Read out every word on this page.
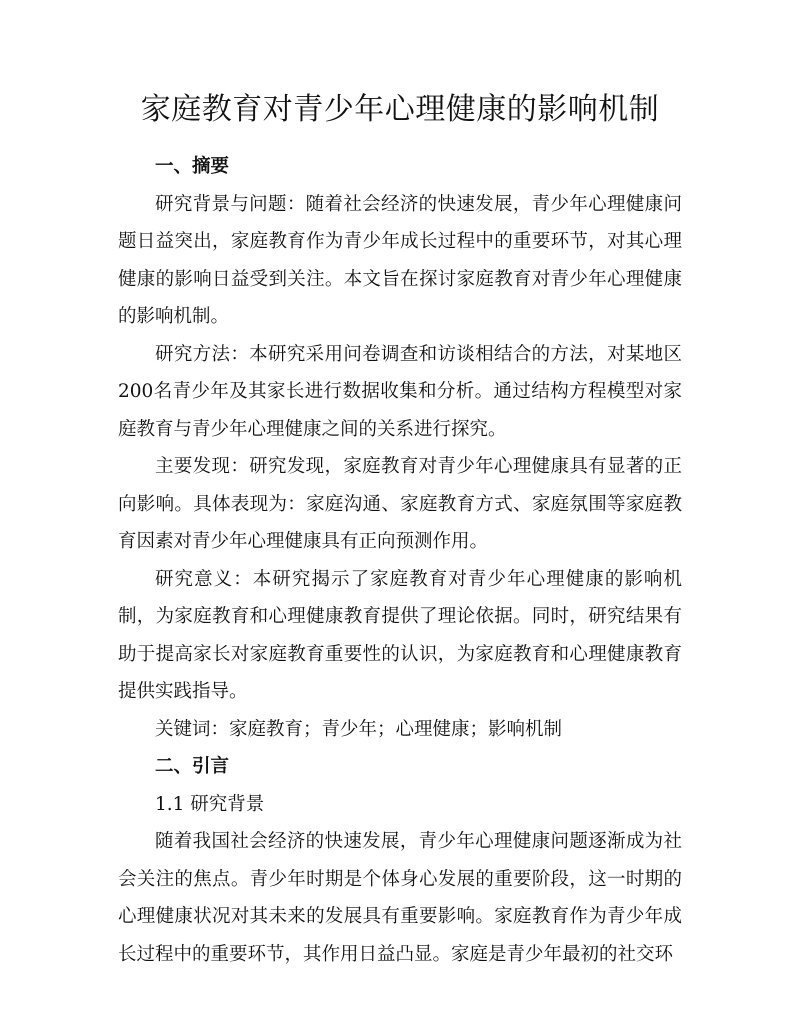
家庭教育对青少年心理健康的影响机制

一、摘要

研究背景与问题：随着社会经济的快速发展，青少年心理健康问题日益突出，家庭教育作为青少年成长过程中的重要环节，对其心理健康的影响日益受到关注。本文旨在探讨家庭教育对青少年心理健康的影响机制。

研究方法：本研究采用问卷调查和访谈相结合的方法，对某地区200名青少年及其家长进行数据收集和分析。通过结构方程模型对家庭教育与青少年心理健康之间的关系进行探究。

主要发现：研究发现，家庭教育对青少年心理健康具有显著的正向影响。具体表现为：家庭沟通、家庭教育方式、家庭氛围等家庭教育因素对青少年心理健康具有正向预测作用。

研究意义：本研究揭示了家庭教育对青少年心理健康的影响机制，为家庭教育和心理健康教育提供了理论依据。同时，研究结果有助于提高家长对家庭教育重要性的认识，为家庭教育和心理健康教育提供实践指导。

关键词：家庭教育；青少年；心理健康；影响机制

二、引言

1.1 研究背景

随着我国社会经济的快速发展，青少年心理健康问题逐渐成为社会关注的焦点。青少年时期是个体身心发展的重要阶段，这一时期的心理健康状况对其未来的发展具有重要影响。家庭教育作为青少年成长过程中的重要环节，其作用日益凸显。家庭是青少年最初的社交环
